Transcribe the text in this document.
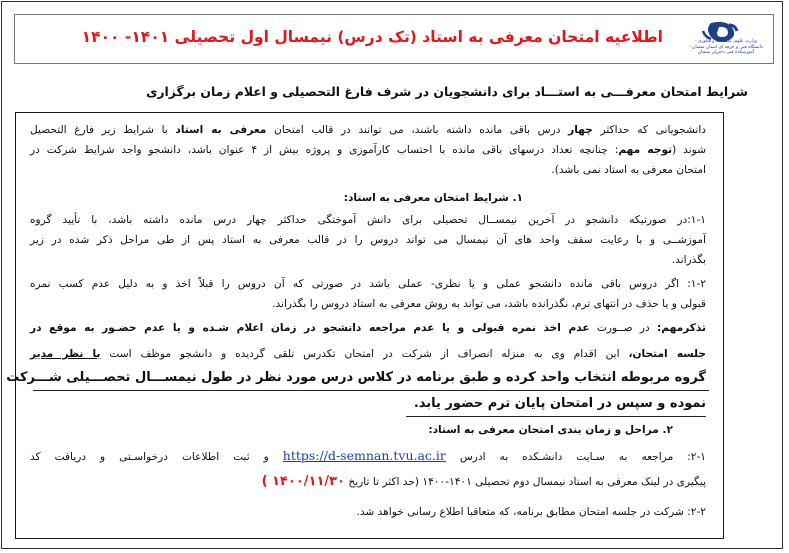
اطلاعیه امتحان معرفی به استاد (تک درس) نیمسال اول تحصیلی ۱۴۰۱- ۱۴۰۰	وزارت علوم، تحقیقات و فناوری - دانشگاه فنی و حرفه ای استان سمنان - آموزشکده فنی دختران سمنان
شرایط امتحان معرفـــی به استـــاد برای دانشجویان در شرف فارغ التحصیلی و اعلام زمان برگزاری
دانشجویانی که حداکثر چهار درس باقی مانده داشته باشند، می توانند در قالب امتحان معرفی به استاد با شرایط زیر فارغ التحصیل
شوند (توجه مهم: چنانچه تعداد درسهای باقی مانده با احتساب کارآموزی و پروژه بیش از ۴ عنوان باشد، دانشجو واجد شرایط شرکت در
امتحان معرفی به استاد نمی باشد).
۱. شرایط امتحان معرفی به استاد:
۱-۱:در صورتیکه دانشجو در آخرین نیمســال تحصیلی برای دانش آموختگی حداکثر چهار درس مانده داشته باشد، با تأیید گروه
آموزشــی و با رعایت سقف واحد های آن نیمسال می تواند دروس را در قالب معرفی به استاد پس از طی مراحل ذکر شده در زیر
بگذراند.
۱-۲: اگر دروس باقی مانده دانشجو عملی و یا نظری- عملی باشد در صورتی که آن دروس را قبلاً اخذ و به دلیل عدم کسب نمره
قبولی و یا حذف در انتهای ترم، نگذرانده باشد، می تواند به روش معرفی به استاد دروس را بگذراند.
تذکرمهم: در صــورت عدم اخذ نمره قبولی و یا عدم مراجعه دانشجو در زمان اعلام شـده و یا عدم حضـور به موقع در
جلسه امتحان، این اقدام وی به منزله انصراف از شرکت در امتحان تکدرس تلقی گردیده و دانشجو موظف است با نظر مدیر
گروه مربوطه انتخاب واحد کرده و طبق برنامه در کلاس درس مورد نظر در طول نیمســـال تحصـــیلی شـــرکت
نموده و سپس در امتحان پایان ترم حضور یابد.
۲. مراحل و زمان بندی امتحان معرفی به استاد:
۲-۱: مراجعه به سـایت دانشـکده به ادرس https://d-semnan.tvu.ac.ir و ثبت اطلاعات درخواسـتی و دریافت کد
پیگیری در لینک معرفی به استاد نیمسال دوم تحصیلی ۱۴۰۱-۱۴۰۰ (حد اکثر تا تاریخ ۱۴۰۰/۱۱/۳۰ )
۲-۲: شرکت در جلسه امتحان مطابق برنامه، که متعاقبا اطلاع رسانی خواهد شد.
